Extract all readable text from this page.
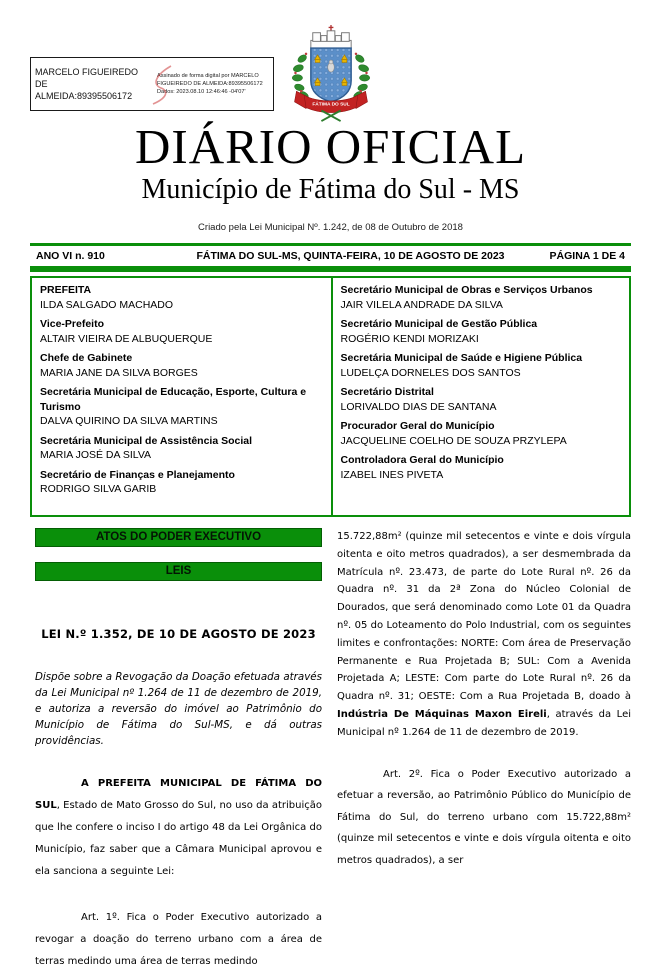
MARCELO FIGUEIREDO DE
ALMEIDA:89395506172
Assinado de forma digital por MARCELO
FIGUEIREDO DE ALMEIDA:89395506172
Dados: 2023.08.10 12:46:46 -04'07'
FÁTIMA DO SUL
DIÁRIO OFICIAL
Município de Fátima do Sul - MS
Criado pela Lei Municipal Nº. 1.242, de 08 de Outubro de 2018
ANO VI n. 910	FÁTIMA DO SUL-MS, QUINTA-FEIRA, 10 DE AGOSTO DE 2023	PÁGINA 1 DE 4
PREFEITA
ILDA SALGADO MACHADO
Vice-Prefeito
ALTAIR VIEIRA DE ALBUQUERQUE
Chefe de Gabinete
MARIA JANE DA SILVA BORGES
Secretária Municipal de Educação, Esporte, Cultura e Turismo
DALVA QUIRINO DA SILVA MARTINS
Secretária Municipal de Assistência Social
MARIA JOSÉ DA SILVA
Secretário de Finanças e Planejamento
RODRIGO SILVA GARIB
Secretário Municipal de Obras e Serviços Urbanos
JAIR VILELA ANDRADE DA SILVA
Secretário Municipal de Gestão Pública
ROGÉRIO KENDI MORIZAKI
Secretária Municipal de Saúde e Higiene Pública
LUDELÇA DORNELES DOS SANTOS
Secretário Distrital
LORIVALDO DIAS DE SANTANA
Procurador Geral do Município
JACQUELINE COELHO DE SOUZA PRZYLEPA
Controladora Geral do Município
IZABEL INES PIVETA
ATOS DO PODER EXECUTIVO
LEIS
LEI N.º 1.352, DE 10 DE AGOSTO DE 2023

Dispõe sobre a Revogação da Doação efetuada através da Lei Municipal nº 1.264 de 11 de dezembro de 2019, e autoriza a reversão do imóvel ao Patrimônio do Município de Fátima do Sul-MS, e dá outras providências.

A PREFEITA MUNICIPAL DE FÁTIMA DO SUL, Estado de Mato Grosso do Sul, no uso da atribuição que lhe confere o inciso I do artigo 48 da Lei Orgânica do Município, faz saber que a Câmara Municipal aprovou e ela sanciona a seguinte Lei:

Art. 1º. Fica o Poder Executivo autorizado a revogar a doação do terreno urbano com a área de terras medindo uma área de terras medindo

15.722,88m² (quinze mil setecentos e vinte e dois vírgula oitenta e oito metros quadrados), a ser desmembrada da Matrícula nº. 23.473, de parte do Lote Rural nº. 26 da Quadra nº. 31 da 2ª Zona do Núcleo Colonial de Dourados, que será denominado como Lote 01 da Quadra nº. 05 do Loteamento do Polo Industrial, com os seguintes limites e confrontações: NORTE: Com área de Preservação Permanente e Rua Projetada B; SUL: Com a Avenida Projetada A; LESTE: Com parte do Lote Rural nº. 26 da Quadra nº. 31; OESTE: Com a Rua Projetada B, doado à Indústria De Máquinas Maxon Eireli, através da Lei Municipal nº 1.264 de 11 de dezembro de 2019.

Art. 2º. Fica o Poder Executivo autorizado a efetuar a reversão, ao Patrimônio Público do Município de Fátima do Sul, do terreno urbano com 15.722,88m² (quinze mil setecentos e vinte e dois vírgula oitenta e oito metros quadrados), a ser
